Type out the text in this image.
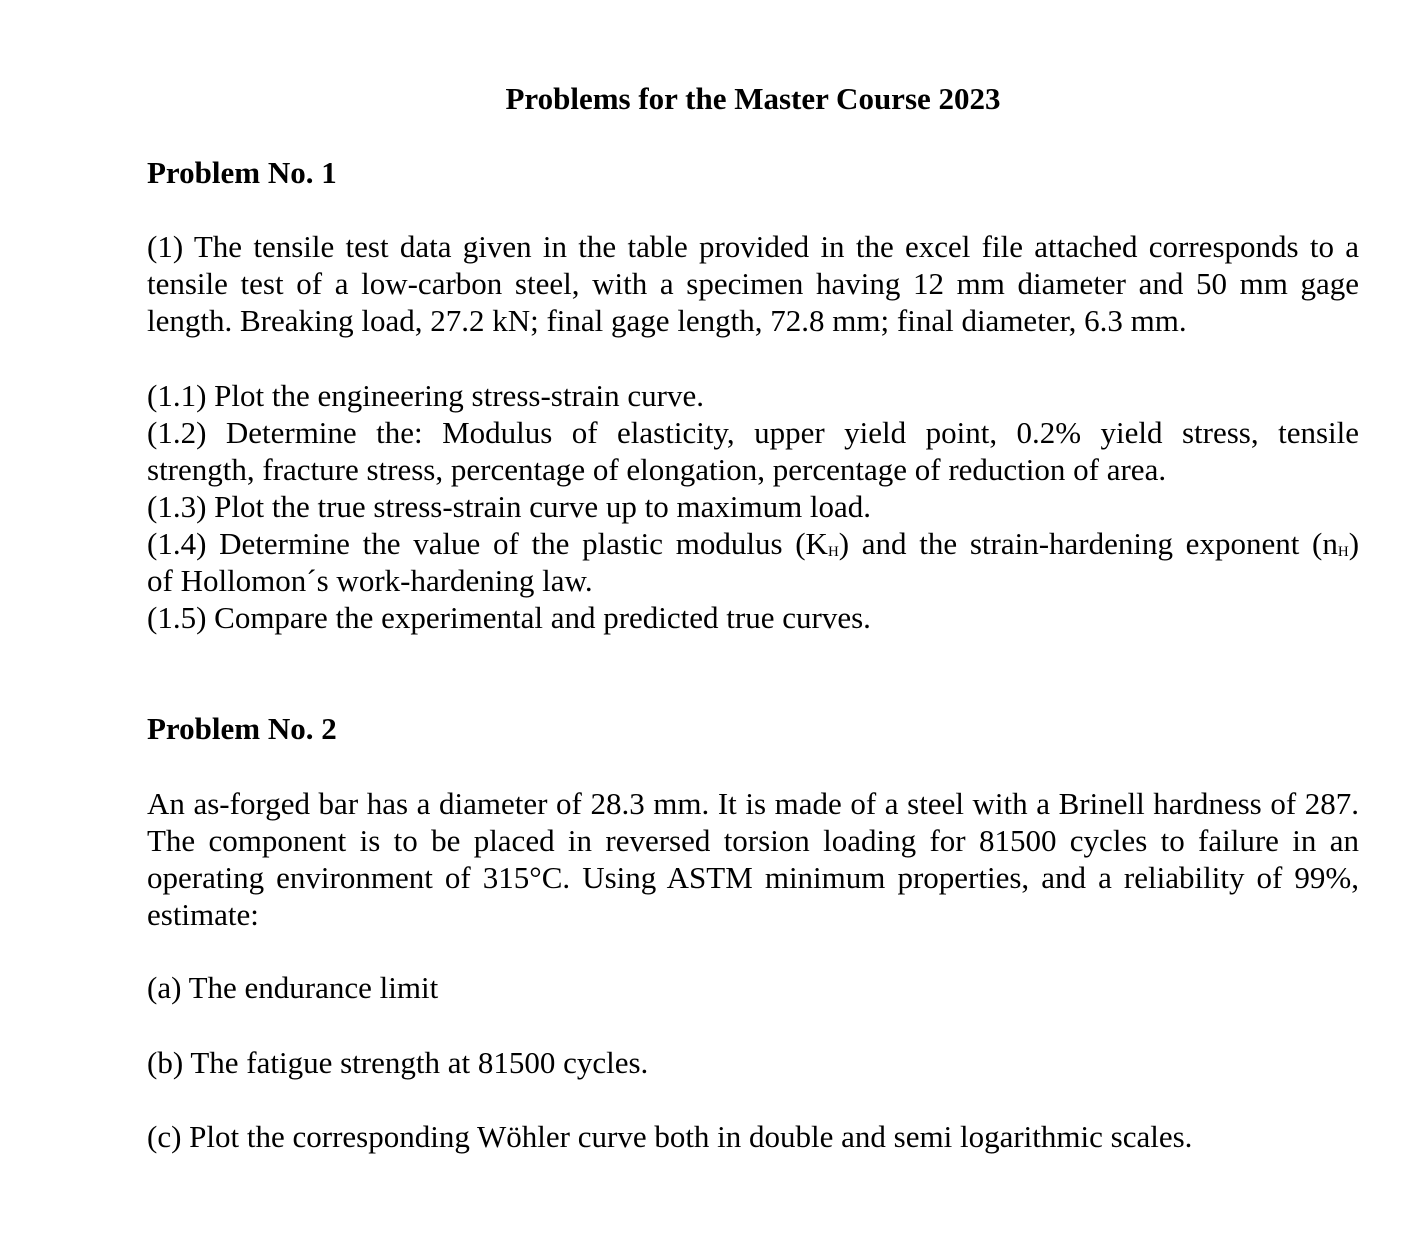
Problems for the Master Course 2023
Problem No. 1

(1) The tensile test data given in the table provided in the excel file attached corresponds to a tensile test of a low-carbon steel, with a specimen having 12 mm diameter and 50 mm gage length. Breaking load, 27.2 kN; final gage length, 72.8 mm; final diameter, 6.3 mm.

(1.1) Plot the engineering stress-strain curve.

(1.2) Determine the: Modulus of elasticity, upper yield point, 0.2% yield stress, tensile

strength, fracture stress, percentage of elongation, percentage of reduction of area.

(1.3) Plot the true stress-strain curve up to maximum load.

(1.4) Determine the value of the plastic modulus (KH) and the strain-hardening exponent (nH)

of Hollomon´s work-hardening law.

(1.5) Compare the experimental and predicted true curves.

Problem No. 2

An as-forged bar has a diameter of 28.3 mm. It is made of a steel with a Brinell hardness of 287. The component is to be placed in reversed torsion loading for 81500 cycles to failure in an operating environment of 315°C. Using ASTM minimum properties, and a reliability of 99%, estimate:

(a) The endurance limit

(b) The fatigue strength at 81500 cycles.

(c) Plot the corresponding Wöhler curve both in double and semi logarithmic scales.
